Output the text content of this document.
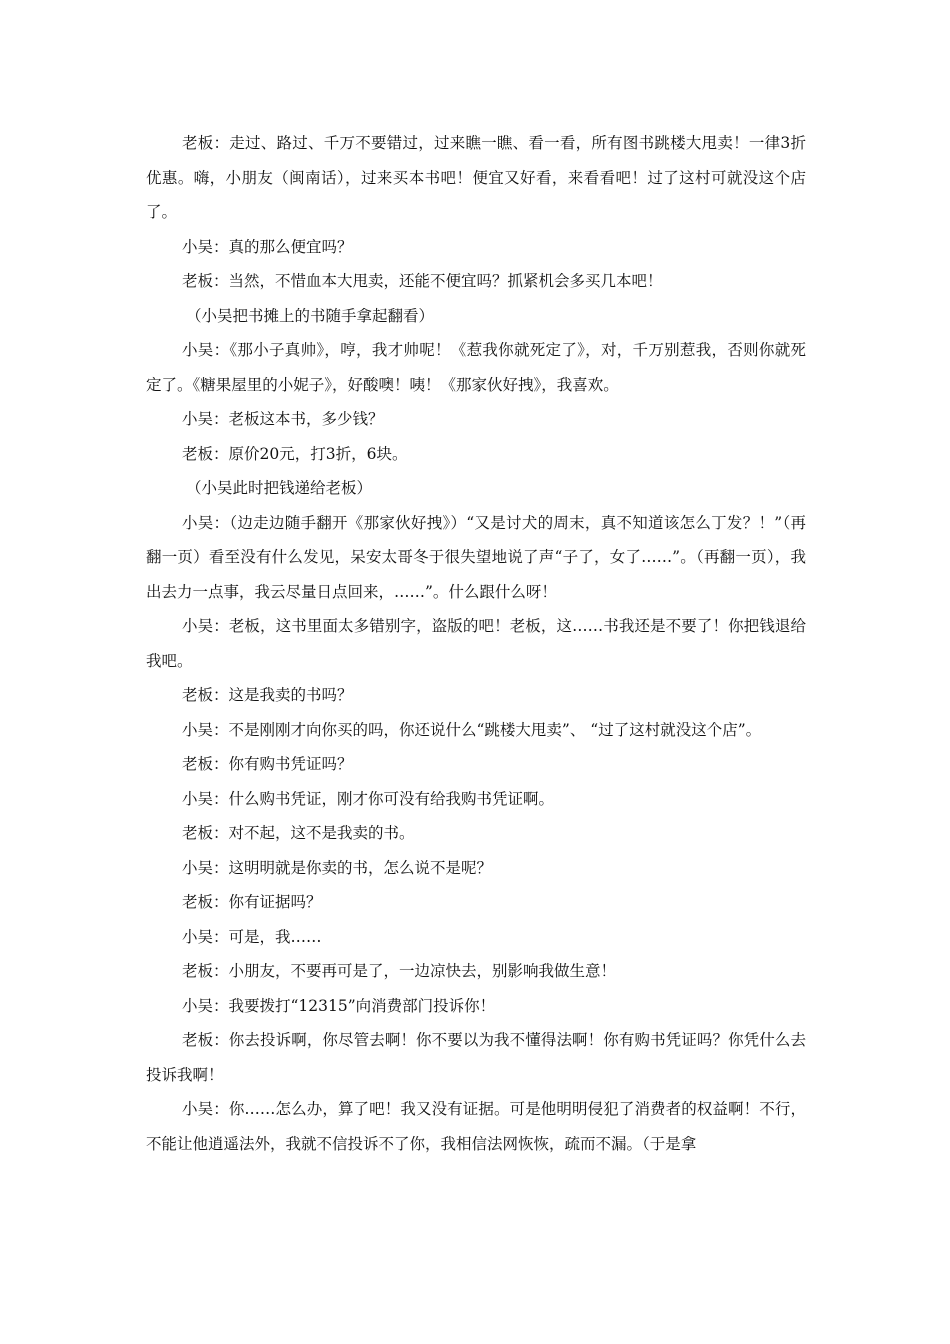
老板：走过、路过、千万不要错过，过来瞧一瞧、看一看，所有图书跳楼大甩卖！一律3折优惠。嗨，小朋友（闽南话），过来买本书吧！便宜又好看，来看看吧！过了这村可就没这个店了。

小吴：真的那么便宜吗？

老板：当然，不惜血本大甩卖，还能不便宜吗？抓紧机会多买几本吧！

（小吴把书摊上的书随手拿起翻看）

小吴：《那小子真帅》，哼，我才帅呢！《惹我你就死定了》，对，千万别惹我，否则你就死定了。《糖果屋里的小妮子》，好酸噢！咦！《那家伙好拽》，我喜欢。

小吴：老板这本书，多少钱？

老板：原价20元，打3折，6块。

（小吴此时把钱递给老板）

小吴：（边走边随手翻开《那家伙好拽》）“又是讨犬的周末，真不知道该怎么丁发？！”（再翻一页）看至没有什么发见，呆安太哥冬于很失望地说了声“子了，女了……”。（再翻一页），我出去力一点事，我云尽量日点回来，……”。什么跟什么呀！

小吴：老板，这书里面太多错别字，盗版的吧！老板，这……书我还是不要了！你把钱退给我吧。

老板：这是我卖的书吗？

小吴：不是刚刚才向你买的吗，你还说什么“跳楼大甩卖”、 “过了这村就没这个店”。

老板：你有购书凭证吗？

小吴：什么购书凭证，刚才你可没有给我购书凭证啊。

老板：对不起，这不是我卖的书。

小吴：这明明就是你卖的书，怎么说不是呢？

老板：你有证据吗？

小吴：可是，我……

老板：小朋友，不要再可是了，一边凉快去，别影响我做生意！

小吴：我要拨打“12315”向消费部门投诉你！

老板：你去投诉啊，你尽管去啊！你不要以为我不懂得法啊！你有购书凭证吗？你凭什么去投诉我啊！

小吴：你……怎么办，算了吧！我又没有证据。可是他明明侵犯了消费者的权益啊！不行，不能让他逍遥法外，我就不信投诉不了你，我相信法网恢恢，疏而不漏。（于是拿
